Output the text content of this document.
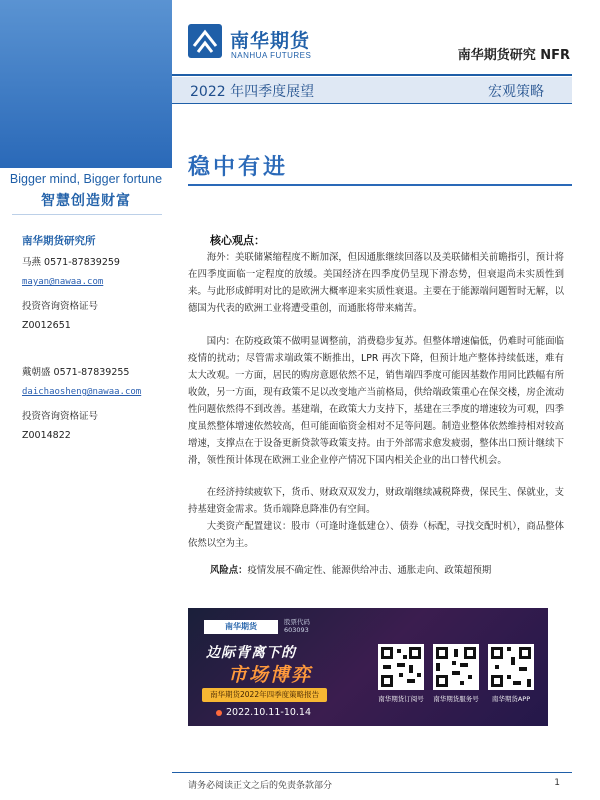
Bigger mind, Bigger fortune
智慧创造财富
南华期货研究所
马燕 0571-87839259
mayan@nawaa.com
投资咨询资格证号
Z0012651
戴朝盛 0571-87839255
daichaosheng@nawaa.com
投资咨询资格证号
Z0014822
南华期货
NANHUA FUTURES	南华期货研究 NFR
2022 年四季度展望	宏观策略
稳中有进
核心观点：

海外：美联储紧缩程度不断加深，但因通胀继续回落以及美联储相关前瞻指引，预计将在四季度面临一定程度的放缓。美国经济在四季度仍呈现下滑态势，但衰退尚未实质性到来。与此形成鲜明对比的是欧洲大概率迎来实质性衰退。主要在于能源端问题暂时无解，以德国为代表的欧洲工业将遭受重创，而通胀将带来痛苦。

国内：在防疫政策不做明显调整前，消费稳步复苏。但整体增速偏低，仍难时可能面临疫情的扰动；尽管需求端政策不断推出，LPR 再次下降，但预计地产整体持续低迷，难有太大改观。一方面，居民的购房意愿依然不足，销售端四季度可能因基数作用同比跌幅有所收敛，另一方面，现有政策不足以改变地产当前格局，供给端政策重心在保交楼，房企流动性问题依然得不到改善。基建端，在政策大力支持下，基建在三季度的增速较为可观，四季度虽然整体增速依然较高，但可能面临资金相对不足等问题。制造业整体依然维持相对较高增速，支撑点在于设备更新贷款等政策支持。由于外部需求愈发疲弱，整体出口预计继续下滑，领性预计体现在欧洲工业企业停产情况下国内相关企业的出口替代机会。

在经济持续疲软下，货币、财政双双发力，财政端继续减税降费，保民生、保就业，支持基建资金需求。货币端降息降准仍有空间。

大类资产配置建议：股市（可逢时逢低建仓）、债券（标配，寻找交配时机），商品整体依然以空为主。

风险点：疫情发展不确定性、能源供给冲击、通胀走向、政策超预期
南华期货	股票代码
603093
边际背离下的
市场博弈
南华期货2022年四季度策略报告
2022.10.11-10.14
南华期货订阅号	南华期货服务号	南华期货APP
请务必阅读正文之后的免责条款部分	1
